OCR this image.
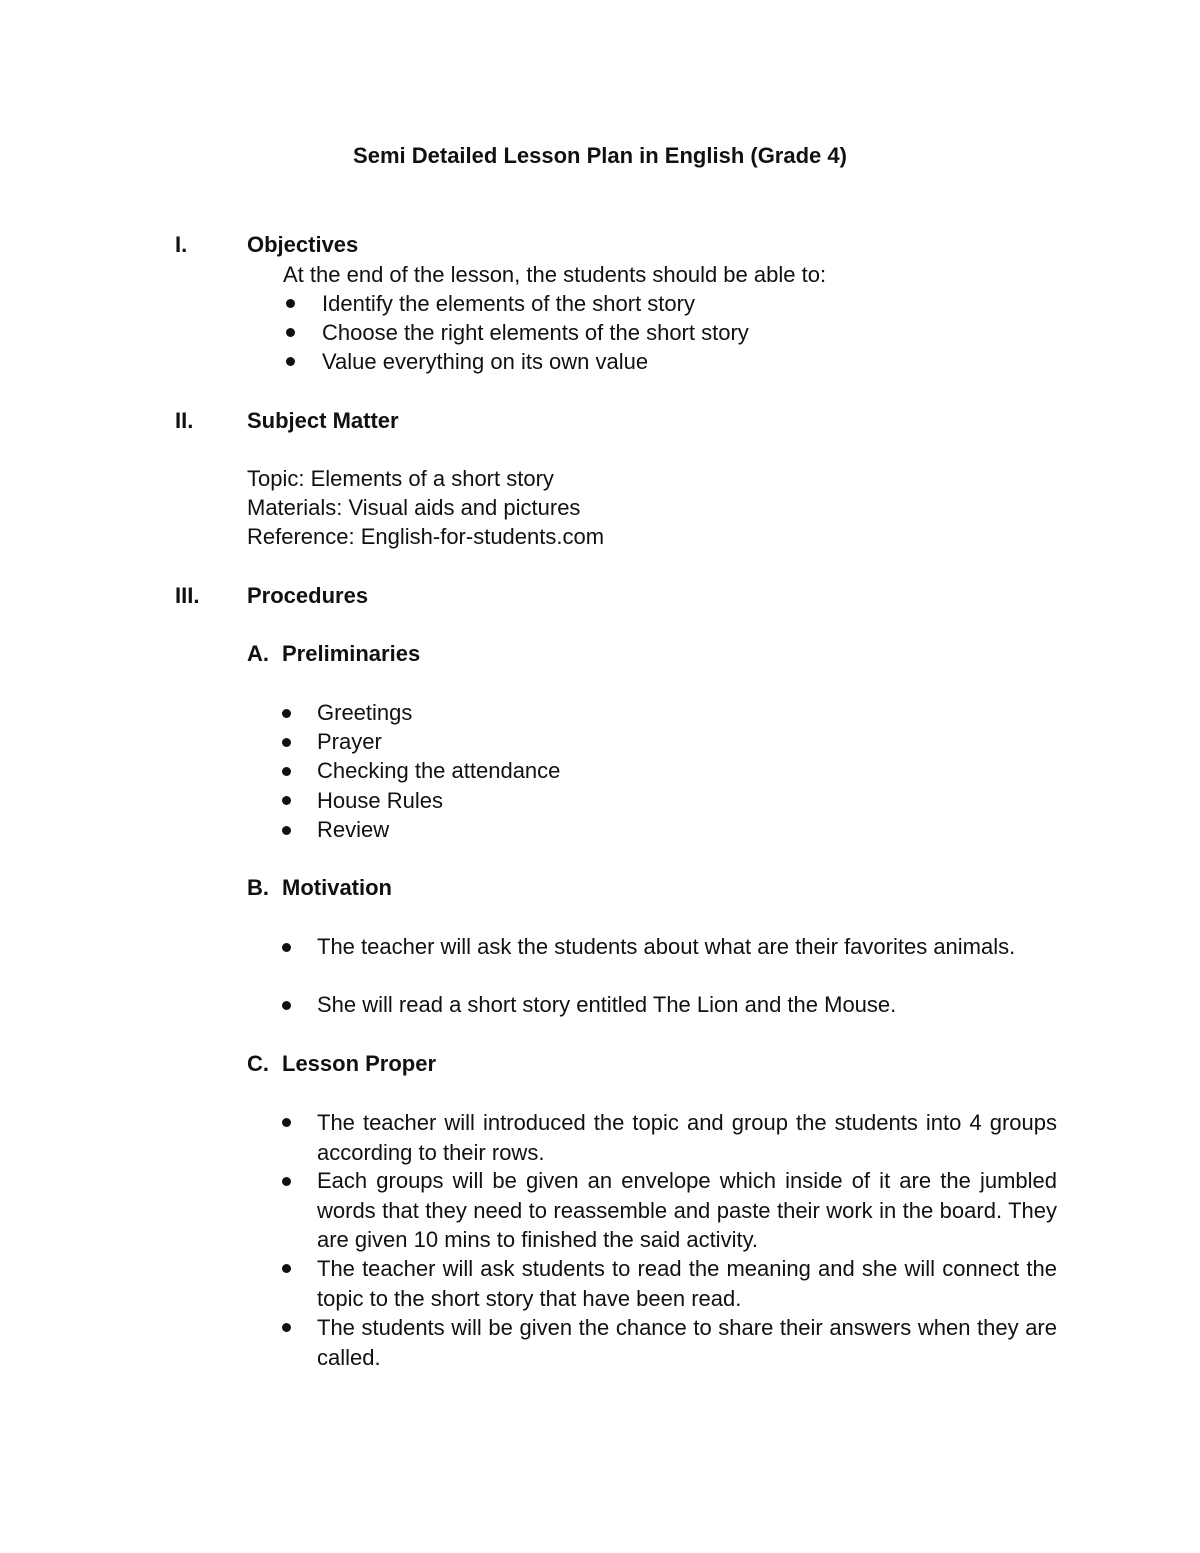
Semi Detailed Lesson Plan in English (Grade 4)
I.	Objectives
At the end of the lesson, the students should be able to:
Identify the elements of the short story
Choose the right elements of the short story
Value everything on its own value
II. Subject Matter
Topic: Elements of a short story
Materials: Visual aids and pictures
Reference: English-for-students.com
III. Procedures
A. Preliminaries
Greetings
Prayer
Checking the attendance
House Rules
Review
B. Motivation
The teacher will ask the students about what are their favorites animals.
She will read a short story entitled The Lion and the Mouse.
C. Lesson Proper
The teacher will introduced the topic and group the students into 4 groups according to their rows.
Each groups will be given an envelope which inside of it are the jumbled words that they need to reassemble and paste their work in the board. They are given 10 mins to finished the said activity.
The teacher will ask students to read the meaning and she will connect the topic to the short story that have been read.
The students will be given the chance to share their answers when they are called.
